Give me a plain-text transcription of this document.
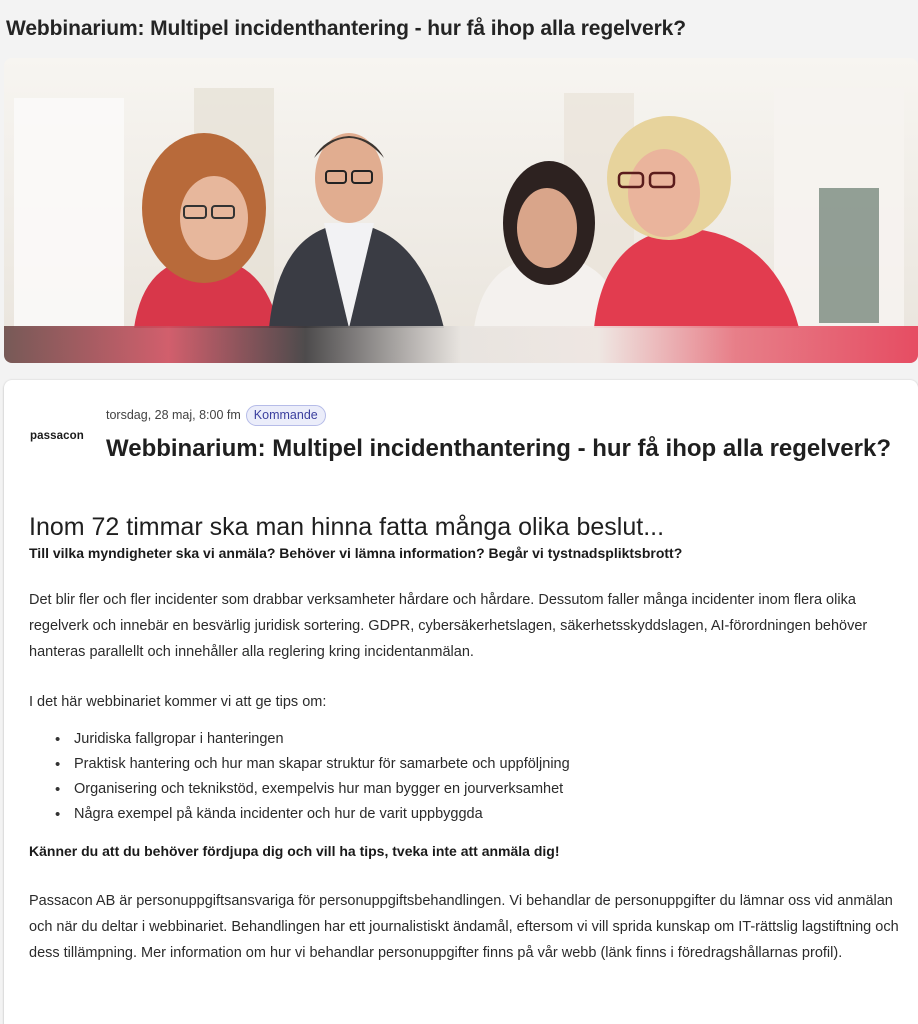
Webbinarium: Multipel incidenthantering - hur få ihop alla regelverk?
passacon
torsdag, 28 maj, 8:00 fm	Kommande
Webbinarium: Multipel incidenthantering - hur få ihop alla regelverk?
Inom 72 timmar ska man hinna fatta många olika beslut...
Till vilka myndigheter ska vi anmäla? Behöver vi lämna information? Begår vi tystnadspliktsbrott?

Det blir fler och fler incidenter som drabbar verksamheter hårdare och hårdare. Dessutom faller många incidenter inom flera olika regelverk och innebär en besvärlig juridisk sortering. GDPR, cybersäkerhetslagen, säkerhetsskyddslagen, AI-förordningen behöver hanteras parallellt och innehåller alla reglering kring incidentanmälan.

I det här webbinariet kommer vi att ge tips om:

• Juridiska fallgropar i hanteringen
• Praktisk hantering och hur man skapar struktur för samarbete och uppföljning
• Organisering och teknikstöd, exempelvis hur man bygger en jourverksamhet
• Några exempel på kända incidenter och hur de varit uppbyggda

Känner du att du behöver fördjupa dig och vill ha tips, tveka inte att anmäla dig!

Passacon AB är personuppgiftsansvariga för personuppgiftsbehandlingen. Vi behandlar de personuppgifter du lämnar oss vid anmälan och när du deltar i webbinariet. Behandlingen har ett journalistiskt ändamål, eftersom vi vill sprida kunskap om IT-rättslig lagstiftning och dess tillämpning. Mer information om hur vi behandlar personuppgifter finns på vår webb (länk finns i föredragshållarnas profil).
